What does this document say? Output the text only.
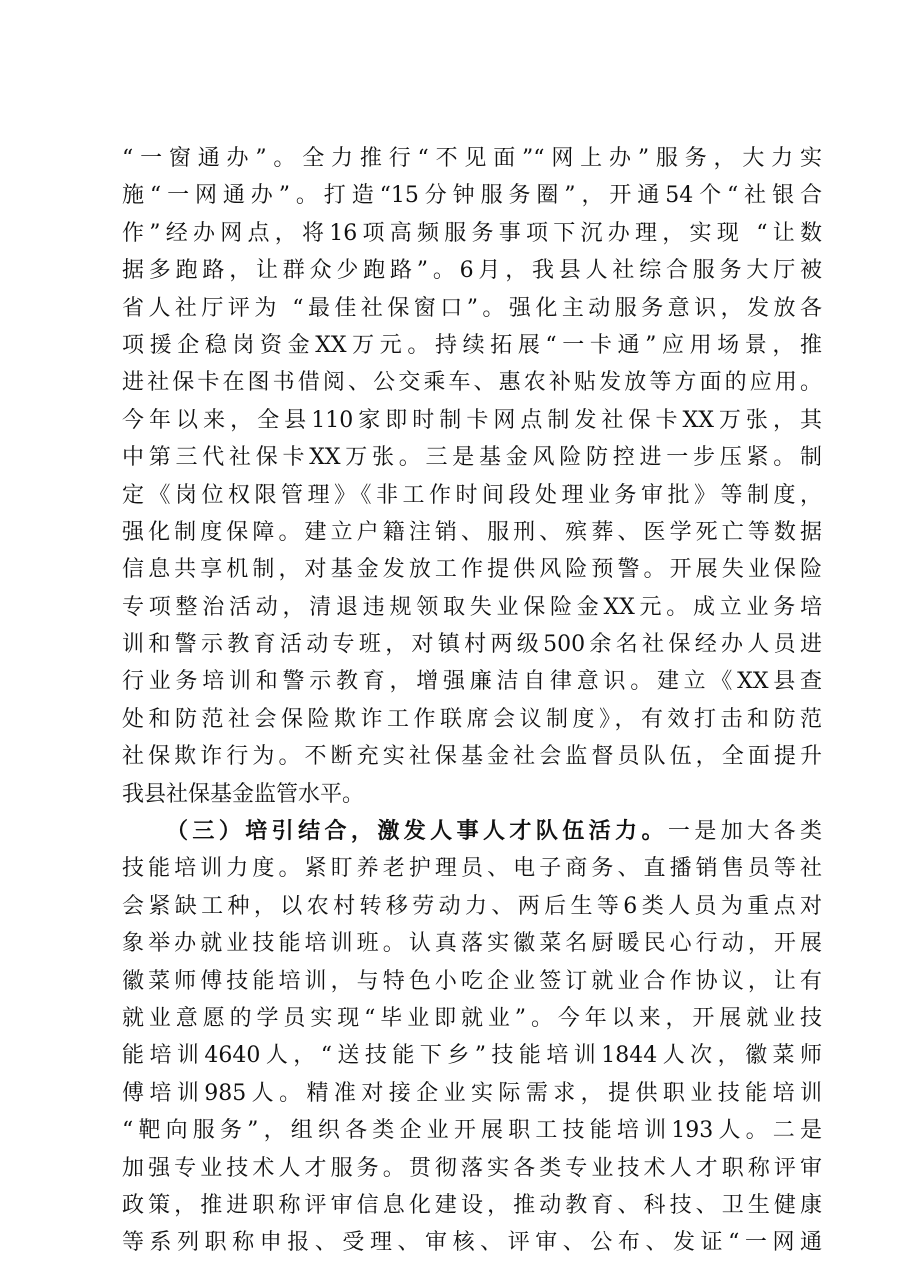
“一窗通办”。全力推行“不见面”“网上办”服务，大力实
施“一网通办”。打造“15分钟服务圈”，开通54个“社银合
作”经办网点，将16项高频服务事项下沉办理，实现 “让数
据多跑路，让群众少跑路”。6月，我县人社综合服务大厅被
省人社厅评为 “最佳社保窗口”。强化主动服务意识，发放各
项援企稳岗资金XX万元。持续拓展“一卡通”应用场景，推
进社保卡在图书借阅、公交乘车、惠农补贴发放等方面的应用。
今年以来，全县110家即时制卡网点制发社保卡XX万张，其
中第三代社保卡XX万张。三是基金风险防控进一步压紧。制
定《岗位权限管理》《非工作时间段处理业务审批》等制度，
强化制度保障。建立户籍注销、服刑、殡葬、医学死亡等数据
信息共享机制，对基金发放工作提供风险预警。开展失业保险
专项整治活动，清退违规领取失业保险金XX元。成立业务培
训和警示教育活动专班，对镇村两级500余名社保经办人员进
行业务培训和警示教育，增强廉洁自律意识。建立《XX县查
处和防范社会保险欺诈工作联席会议制度》，有效打击和防范
社保欺诈行为。不断充实社保基金社会监督员队伍，全面提升
我县社保基金监管水平。
（三）培引结合，激发人事人才队伍活力。一是加大各类
技能培训力度。紧盯养老护理员、电子商务、直播销售员等社
会紧缺工种，以农村转移劳动力、两后生等6类人员为重点对
象举办就业技能培训班。认真落实徽菜名厨暖民心行动，开展
徽菜师傅技能培训，与特色小吃企业签订就业合作协议，让有
就业意愿的学员实现“毕业即就业”。今年以来，开展就业技
能培训4640人，“送技能下乡”技能培训1844人次，徽菜师
傅培训985人。精准对接企业实际需求，提供职业技能培训
“靶向服务”，组织各类企业开展职工技能培训193人。二是
加强专业技术人才服务。贯彻落实各类专业技术人才职称评审
政策，推进职称评审信息化建设，推动教育、科技、卫生健康
等系列职称申报、受理、审核、评审、公布、发证“一网通
